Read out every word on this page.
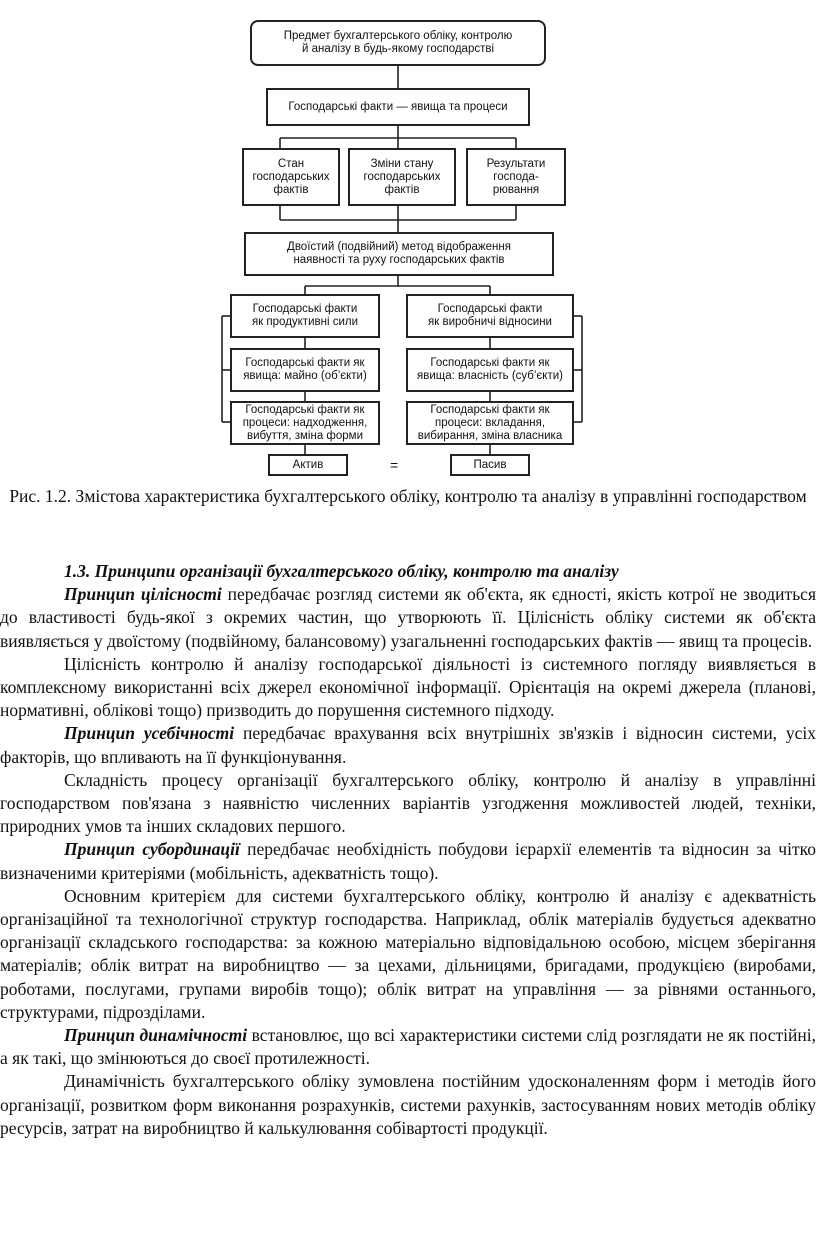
Предмет бухгалтерського обліку, контролю
й аналізу в будь-якому господарстві
Господарські факти — явища та процеси
Стан
господарських
фактів
Зміни стану
господарських
фактів
Результати
господа-
рювання
Двоїстий (подвійний) метод відображення
наявності та руху господарських фактів
Господарські факти
як продуктивні сили
Господарські факти як
явища: майно (об’єкти)
Господарські факти як
процеси: надходження,
вибуття, зміна форми
Господарські факти
як виробничі відносини
Господарські факти як
явища: власність (суб’єкти)
Господарські факти як
процеси: вкладання,
вибирання, зміна власника
Актив	=	Пасив
Рис. 1.2. Змістова характеристика бухгалтерського обліку, контролю та аналізу в управлінні господарством
1.3. Принципи організації бухгалтерського обліку, контролю та аналізу

Принцип цілісності передбачає розгляд системи як об'єкта, як єдності, якість котрої не зводиться до властивості будь-якої з окремих частин, що утворюють її. Цілісність обліку системи як об'єкта виявляється у двоїстому (подвійному, балансовому) узагальненні господарських фактів — явищ та процесів.

Цілісність контролю й аналізу господарської діяльності із системного погляду виявляється в комплексному використанні всіх джерел економічної інформації. Орієнтація на окремі джерела (планові, нормативні, облікові тощо) призводить до порушення системного підходу.

Принцип усебічності передбачає врахування всіх внутрішніх зв'язків і відносин системи, усіх факторів, що впливають на її функціонування.

Складність процесу організації бухгалтерського обліку, контролю й аналізу в управлінні господарством пов'язана з наявністю численних варіантів узгодження можливостей людей, техніки, природних умов та інших складових першого.

Принцип субординації передбачає необхідність побудови ієрархії елементів та відносин за чітко визначеними критеріями (мобільність, адекватність тощо).

Основним критерієм для системи бухгалтерського обліку, контролю й аналізу є адекватність організаційної та технологічної структур господарства. Наприклад, облік матеріалів будується адекватно організації складського господарства: за кожною матеріально відповідальною особою, місцем зберігання матеріалів; облік витрат на виробництво — за цехами, дільницями, бригадами, продукцією (виробами, роботами, послугами, групами виробів тощо); облік витрат на управління — за рівнями останнього, структурами, підрозділами.

Принцип динамічності встановлює, що всі характеристики системи слід розглядати не як постійні, а як такі, що змінюються до своєї протилежності.

Динамічність бухгалтерського обліку зумовлена постійним удосконаленням форм і методів його організації, розвитком форм виконання розрахунків, системи рахунків, застосуванням нових методів обліку ресурсів, затрат на виробництво й калькулювання собівартості продукції.
